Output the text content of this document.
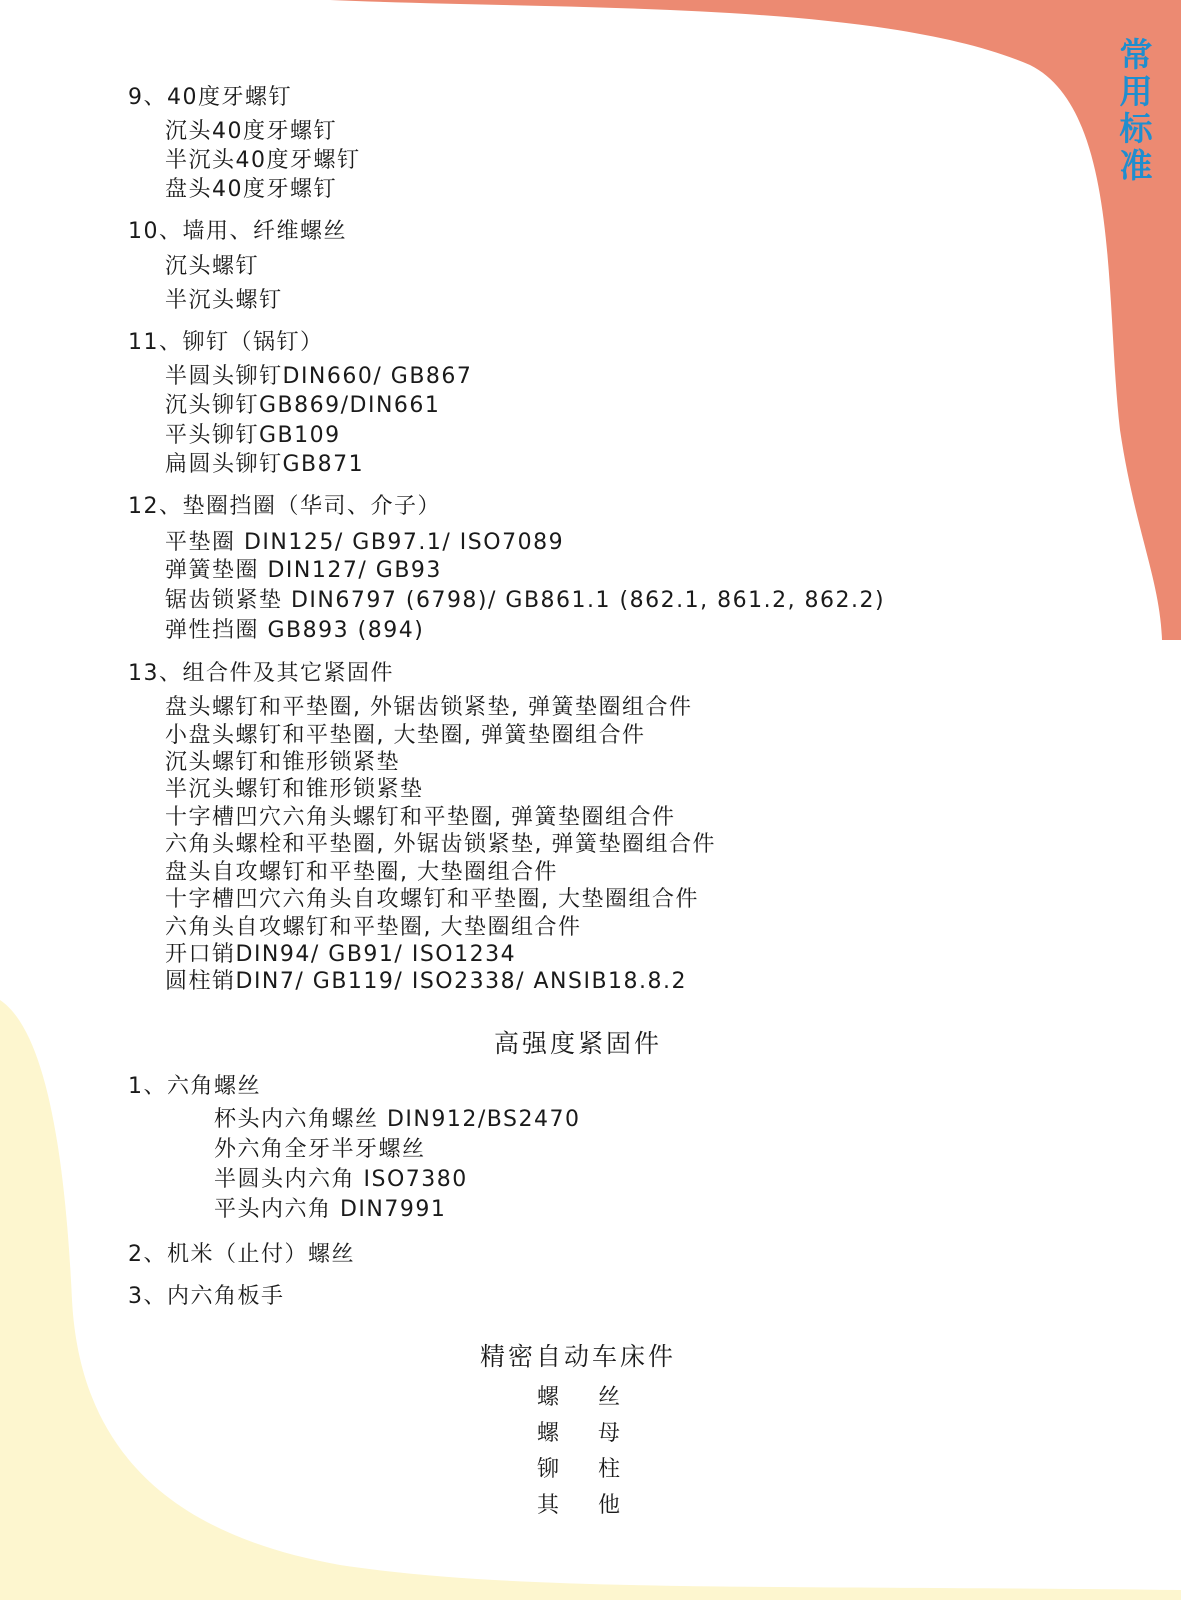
常
用
标
准
9、40度牙螺钉
沉头40度牙螺钉
半沉头40度牙螺钉
盘头40度牙螺钉
10、墙用、纤维螺丝
沉头螺钉
半沉头螺钉
11、铆钉（锅钉）
半圆头铆钉DIN660/ GB867
沉头铆钉GB869/DIN661
平头铆钉GB109
扁圆头铆钉GB871
12、垫圈挡圈（华司、介子）
平垫圈 DIN125/ GB97.1/ ISO7089
弹簧垫圈 DIN127/ GB93
锯齿锁紧垫 DIN6797 (6798)/ GB861.1 (862.1, 861.2, 862.2)
弹性挡圈 GB893 (894)
13、组合件及其它紧固件
盘头螺钉和平垫圈, 外锯齿锁紧垫, 弹簧垫圈组合件
小盘头螺钉和平垫圈, 大垫圈, 弹簧垫圈组合件
沉头螺钉和锥形锁紧垫
半沉头螺钉和锥形锁紧垫
十字槽凹穴六角头螺钉和平垫圈, 弹簧垫圈组合件
六角头螺栓和平垫圈, 外锯齿锁紧垫, 弹簧垫圈组合件
盘头自攻螺钉和平垫圈, 大垫圈组合件
十字槽凹穴六角头自攻螺钉和平垫圈, 大垫圈组合件
六角头自攻螺钉和平垫圈, 大垫圈组合件
开口销DIN94/ GB91/ ISO1234
圆柱销DIN7/ GB119/ ISO2338/ ANSIB18.8.2
高强度紧固件
1、六角螺丝
杯头内六角螺丝 DIN912/BS2470
外六角全牙半牙螺丝
半圆头内六角 ISO7380
平头内六角 DIN7991
2、机米（止付）螺丝
3、内六角板手
精密自动车床件
螺 丝
螺 母
铆 柱
其 他
